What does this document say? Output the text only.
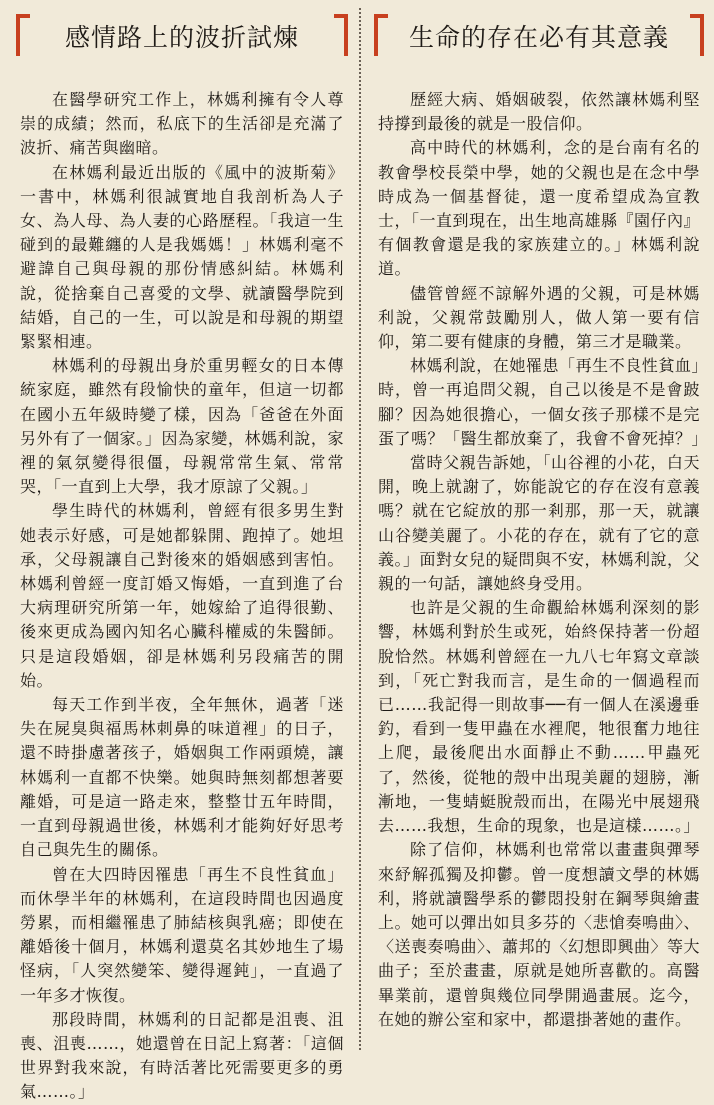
感情路上的波折試煉

在醫學研究工作上，林媽利擁有令人尊崇的成績；然而，私底下的生活卻是充滿了波折、痛苦與幽暗。

在林媽利最近出版的《風中的波斯菊》一書中，林媽利很誠實地自我剖析為人子女、為人母、為人妻的心路歷程。「我這一生碰到的最難纏的人是我媽媽！」林媽利毫不避諱自己與母親的那份情感糾結。林媽利說，從捨棄自己喜愛的文學、就讀醫學院到結婚，自己的一生，可以說是和母親的期望緊緊相連。

林媽利的母親出身於重男輕女的日本傳統家庭，雖然有段愉快的童年，但這一切都在國小五年級時變了樣，因為「爸爸在外面另外有了一個家。」因為家變，林媽利說，家裡的氣氛變得很僵，母親常常生氣、常常哭，「一直到上大學，我才原諒了父親。」

學生時代的林媽利，曾經有很多男生對她表示好感，可是她都躲開、跑掉了。她坦承，父母親讓自己對後來的婚姻感到害怕。林媽利曾經一度訂婚又悔婚，一直到進了台大病理研究所第一年，她嫁給了追得很勤、後來更成為國內知名心臟科權威的朱醫師。只是這段婚姻，卻是林媽利另段痛苦的開始。

每天工作到半夜，全年無休，過著「迷失在屍臭與福馬林刺鼻的味道裡」的日子，還不時掛慮著孩子，婚姻與工作兩頭燒，讓林媽利一直都不快樂。她與時無刻都想著要離婚，可是這一路走來，整整廿五年時間，一直到母親過世後，林媽利才能夠好好思考自己與先生的關係。

曾在大四時因罹患「再生不良性貧血」而休學半年的林媽利，在這段時間也因過度勞累，而相繼罹患了肺結核與乳癌；即使在離婚後十個月，林媽利還莫名其妙地生了場怪病，「人突然變笨、變得遲鈍」，一直過了一年多才恢復。

那段時間，林媽利的日記都是沮喪、沮喪、沮喪……，她還曾在日記上寫著：「這個世界對我來說，有時活著比死需要更多的勇氣……。」

生命的存在必有其意義

歷經大病、婚姻破裂，依然讓林媽利堅持撐到最後的就是一股信仰。

高中時代的林媽利，念的是台南有名的教會學校長榮中學，她的父親也是在念中學時成為一個基督徒，還一度希望成為宣教士，「一直到現在，出生地高雄縣『園仔內』有個教會還是我的家族建立的。」林媽利說道。

儘管曾經不諒解外遇的父親，可是林媽利說，父親常鼓勵別人，做人第一要有信仰，第二要有健康的身體，第三才是職業。

林媽利說，在她罹患「再生不良性貧血」時，曾一再追問父親，自己以後是不是會跛腳？因為她很擔心，一個女孩子那樣不是完蛋了嗎？「醫生都放棄了，我會不會死掉？」

當時父親告訴她，「山谷裡的小花，白天開，晚上就謝了，妳能說它的存在沒有意義嗎？就在它綻放的那一剎那，那一天，就讓山谷變美麗了。小花的存在，就有了它的意義。」面對女兒的疑問與不安，林媽利說，父親的一句話，讓她終身受用。

也許是父親的生命觀給林媽利深刻的影響，林媽利對於生或死，始終保持著一份超脫恰然。林媽利曾經在一九八七年寫文章談到，「死亡對我而言，是生命的一個過程而已……我記得一則故事──有一個人在溪邊垂釣，看到一隻甲蟲在水裡爬，牠很奮力地往上爬，最後爬出水面靜止不動……甲蟲死了，然後，從牠的殼中出現美麗的翅膀，漸漸地，一隻蜻蜓脫殼而出，在陽光中展翅飛去……我想，生命的現象，也是這樣……。」

除了信仰，林媽利也常常以畫畫與彈琴來紓解孤獨及抑鬱。曾一度想讀文學的林媽利，將就讀醫學系的鬱悶投射在鋼琴與繪畫上。她可以彈出如貝多芬的〈悲愴奏鳴曲〉、〈送喪奏鳴曲〉、蕭邦的〈幻想即興曲〉等大曲子；至於畫畫，原就是她所喜歡的。高醫畢業前，還曾與幾位同學開過畫展。迄今，在她的辦公室和家中，都還掛著她的畫作。
